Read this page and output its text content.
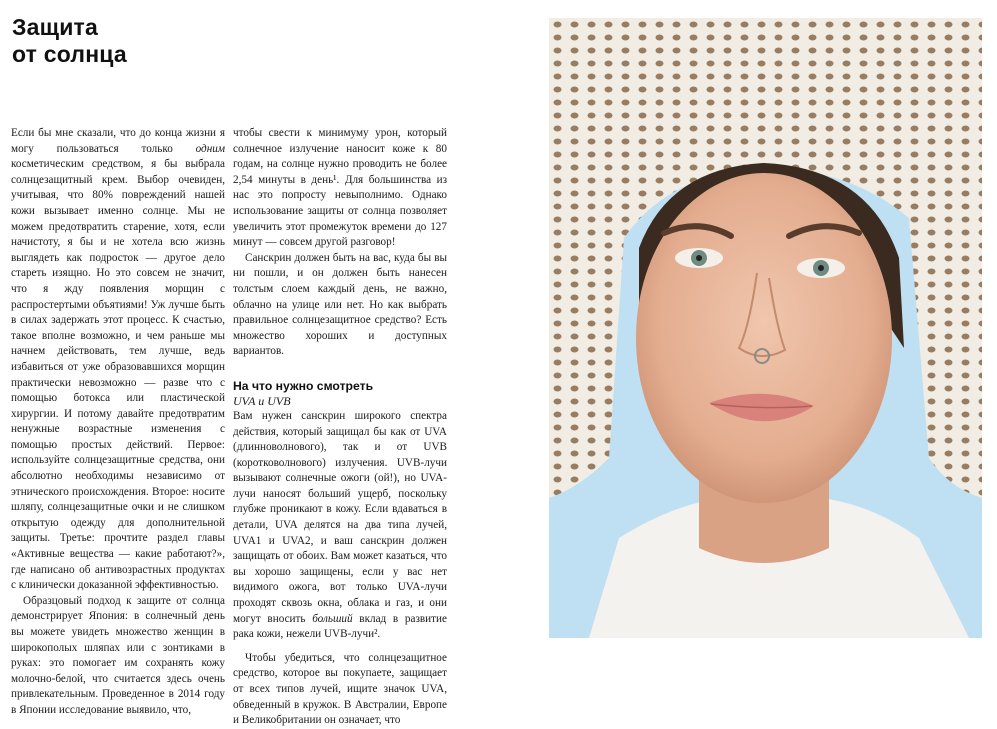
Защита
от солнца

Если бы мне сказали, что до конца жизни я могу пользоваться только одним косметическим средством, я бы выбрала солнцезащитный крем. Выбор очевиден, учитывая, что 80% повреждений нашей кожи вызывает именно солнце. Мы не можем предотвратить старение, хотя, если начистоту, я бы и не хотела всю жизнь выглядеть как подросток — другое дело стареть изящно. Но это совсем не значит, что я жду появления морщин с распростертыми объятиями! Уж лучше быть в силах задержать этот процесс. К счастью, такое вполне возможно, и чем раньше мы начнем действовать, тем лучше, ведь избавиться от уже образовавшихся морщин практически невозможно — разве что с помощью ботокса или пластической хирургии. И потому давайте предотвратим ненужные возрастные изменения с помощью простых действий. Первое: используйте солнцезащитные средства, они абсолютно необходимы независимо от этнического происхождения. Второе: носите шляпу, солнцезащитные очки и не слишком открытую одежду для дополнительной защиты. Третье: прочтите раздел главы «Активные вещества — какие работают?», где написано об антивозрастных продуктах с клинически доказанной эффективностью.

Образцовый подход к защите от солнца демонстрирует Япония: в солнечный день вы можете увидеть множество женщин в широкополых шляпах или с зонтиками в руках: это помогает им сохранять кожу молочно-белой, что считается здесь очень привлекательным. Проведенное в 2014 году в Японии исследование выявило, что,

чтобы свести к минимуму урон, который солнечное излучение наносит коже к 80 годам, на солнце нужно проводить не более 2,54 минуты в день¹. Для большинства из нас это попросту невыполнимо. Однако использование защиты от солнца позволяет увеличить этот промежуток времени до 127 минут — совсем другой разговор!

Санскрин должен быть на вас, куда бы вы ни пошли, и он должен быть нанесен толстым слоем каждый день, не важно, облачно на улице или нет. Но как выбрать правильное солнцезащитное средство? Есть множество хороших и доступных вариантов.

На что нужно смотреть

UVA и UVB

Вам нужен санскрин широкого спектра действия, который защищал бы как от UVA (длинноволнового), так и от UVB (коротковолнового) излучения. UVB-лучи вызывают солнечные ожоги (ой!), но UVA-лучи наносят больший ущерб, поскольку глубже проникают в кожу. Если вдаваться в детали, UVA делятся на два типа лучей, UVA1 и UVA2, и ваш санскрин должен защищать от обоих. Вам может казаться, что вы хорошо защищены, если у вас нет видимого ожога, вот только UVA-лучи проходят сквозь окна, облака и газ, и они могут вносить больший вклад в развитие рака кожи, нежели UVB-лучи².

Чтобы убедиться, что солнцезащитное средство, которое вы покупаете, защищает от всех типов лучей, ищите значок UVA, обведенный в кружок. В Австралии, Европе и Великобритании он означает, что
